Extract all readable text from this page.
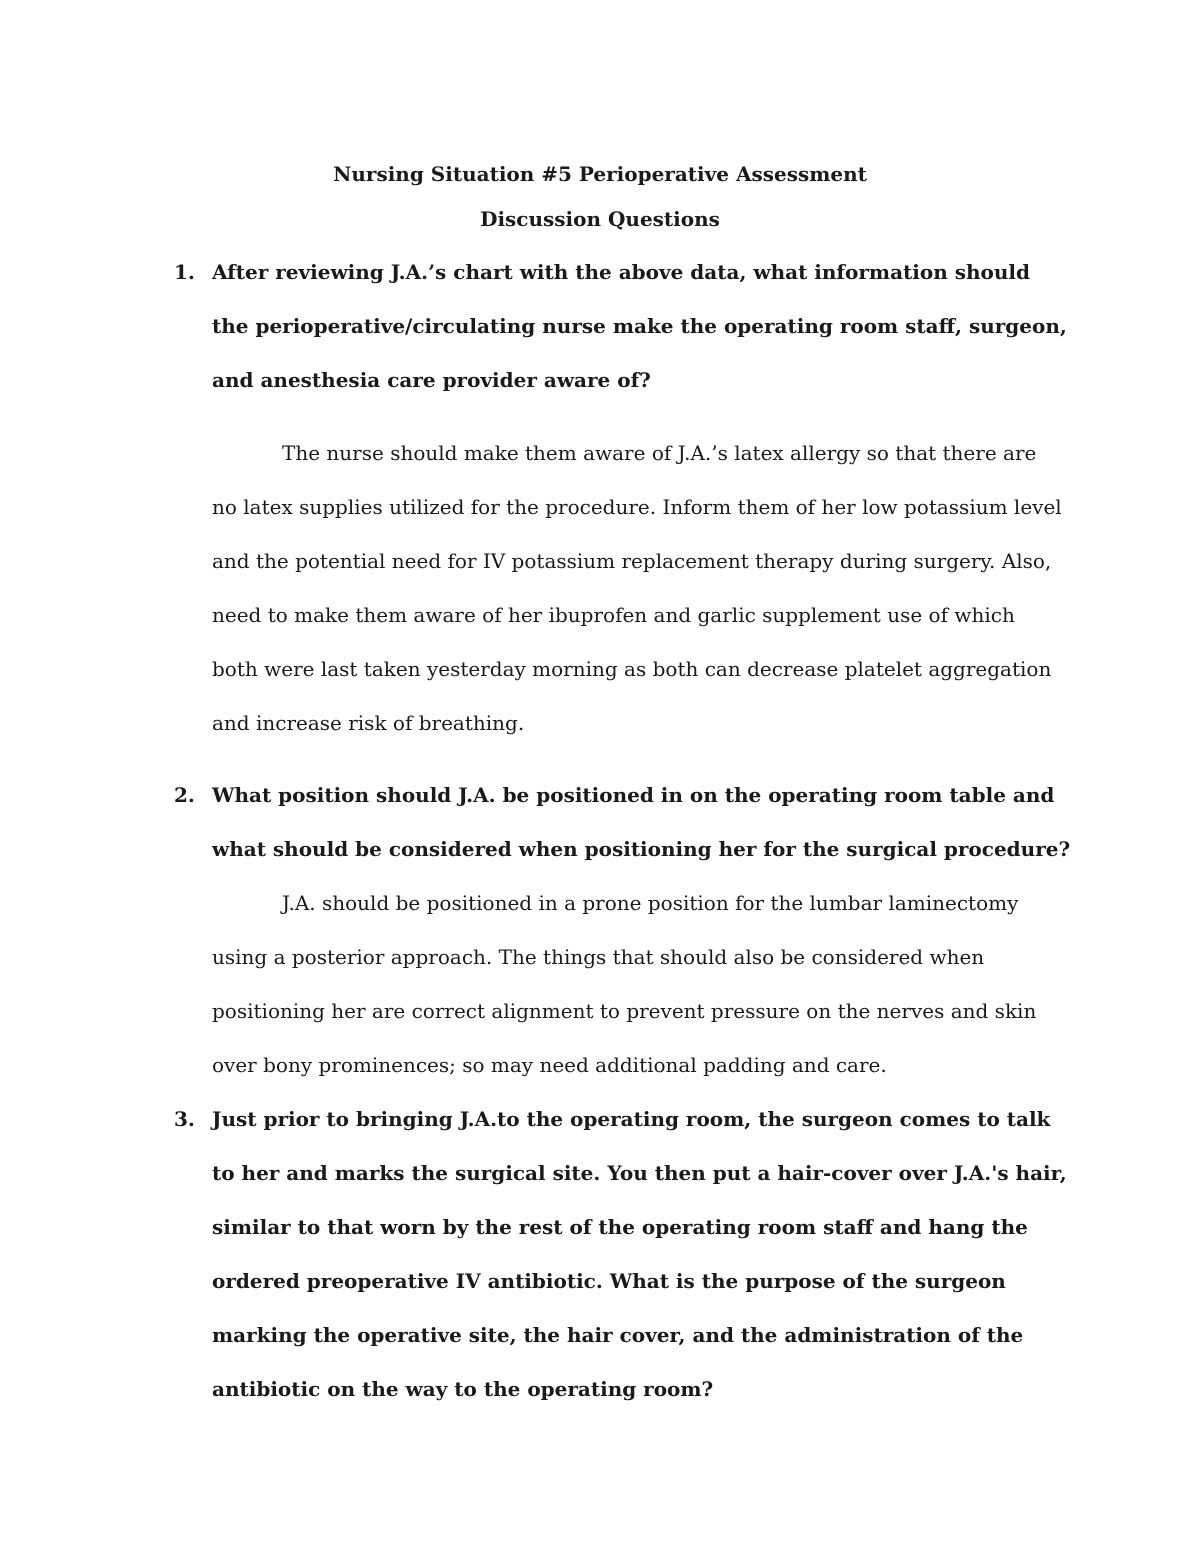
Nursing Situation #5 Perioperative Assessment
Discussion Questions
1. After reviewing J.A.’s chart with the above data, what information should the perioperative/circulating nurse make the operating room staff, surgeon, and anesthesia care provider aware of?
The nurse should make them aware of J.A.’s latex allergy so that there are no latex supplies utilized for the procedure. Inform them of her low potassium level and the potential need for IV potassium replacement therapy during surgery. Also, need to make them aware of her ibuprofen and garlic supplement use of which both were last taken yesterday morning as both can decrease platelet aggregation and increase risk of breathing.
2. What position should J.A. be positioned in on the operating room table and what should be considered when positioning her for the surgical procedure?
J.A. should be positioned in a prone position for the lumbar laminectomy using a posterior approach. The things that should also be considered when positioning her are correct alignment to prevent pressure on the nerves and skin over bony prominences; so may need additional padding and care.
3. Just prior to bringing J.A.to the operating room, the surgeon comes to talk to her and marks the surgical site. You then put a hair-cover over J.A.'s hair, similar to that worn by the rest of the operating room staff and hang the ordered preoperative IV antibiotic. What is the purpose of the surgeon marking the operative site, the hair cover, and the administration of the antibiotic on the way to the operating room?
